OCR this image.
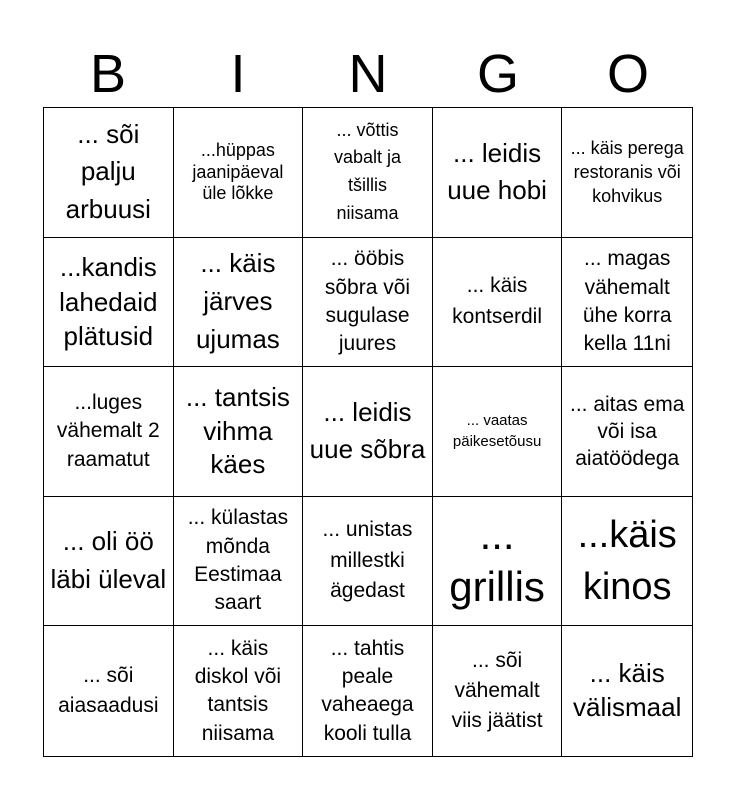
B	I	N	G	O
... sõi palju arbuusi
...hüppas jaanipäeval üle lõkke
... võttis vabalt ja tšillis niisama
... leidis uue hobi
... käis perega restoranis või kohvikus
...kandis lahedaid plätusid
... käis järves ujumas
... ööbis sõbra või sugulase juures
... käis kontserdil
... magas vähemalt ühe korra kella 11ni
...luges vähemalt 2 raamatut
... tantsis vihma käes
... leidis uue sõbra
... vaatas päikesetõusu
... aitas ema või isa aiatöödega
... oli öö läbi üleval
... külastas mõnda Eestimaa saart
... unistas millestki ägedast
... grillis
...käis kinos
... sõi aiasaadusi
... käis diskol või tantsis niisama
... tahtis peale vaheaega kooli tulla
... sõi vähemalt viis jäätist
... käis välismaal
